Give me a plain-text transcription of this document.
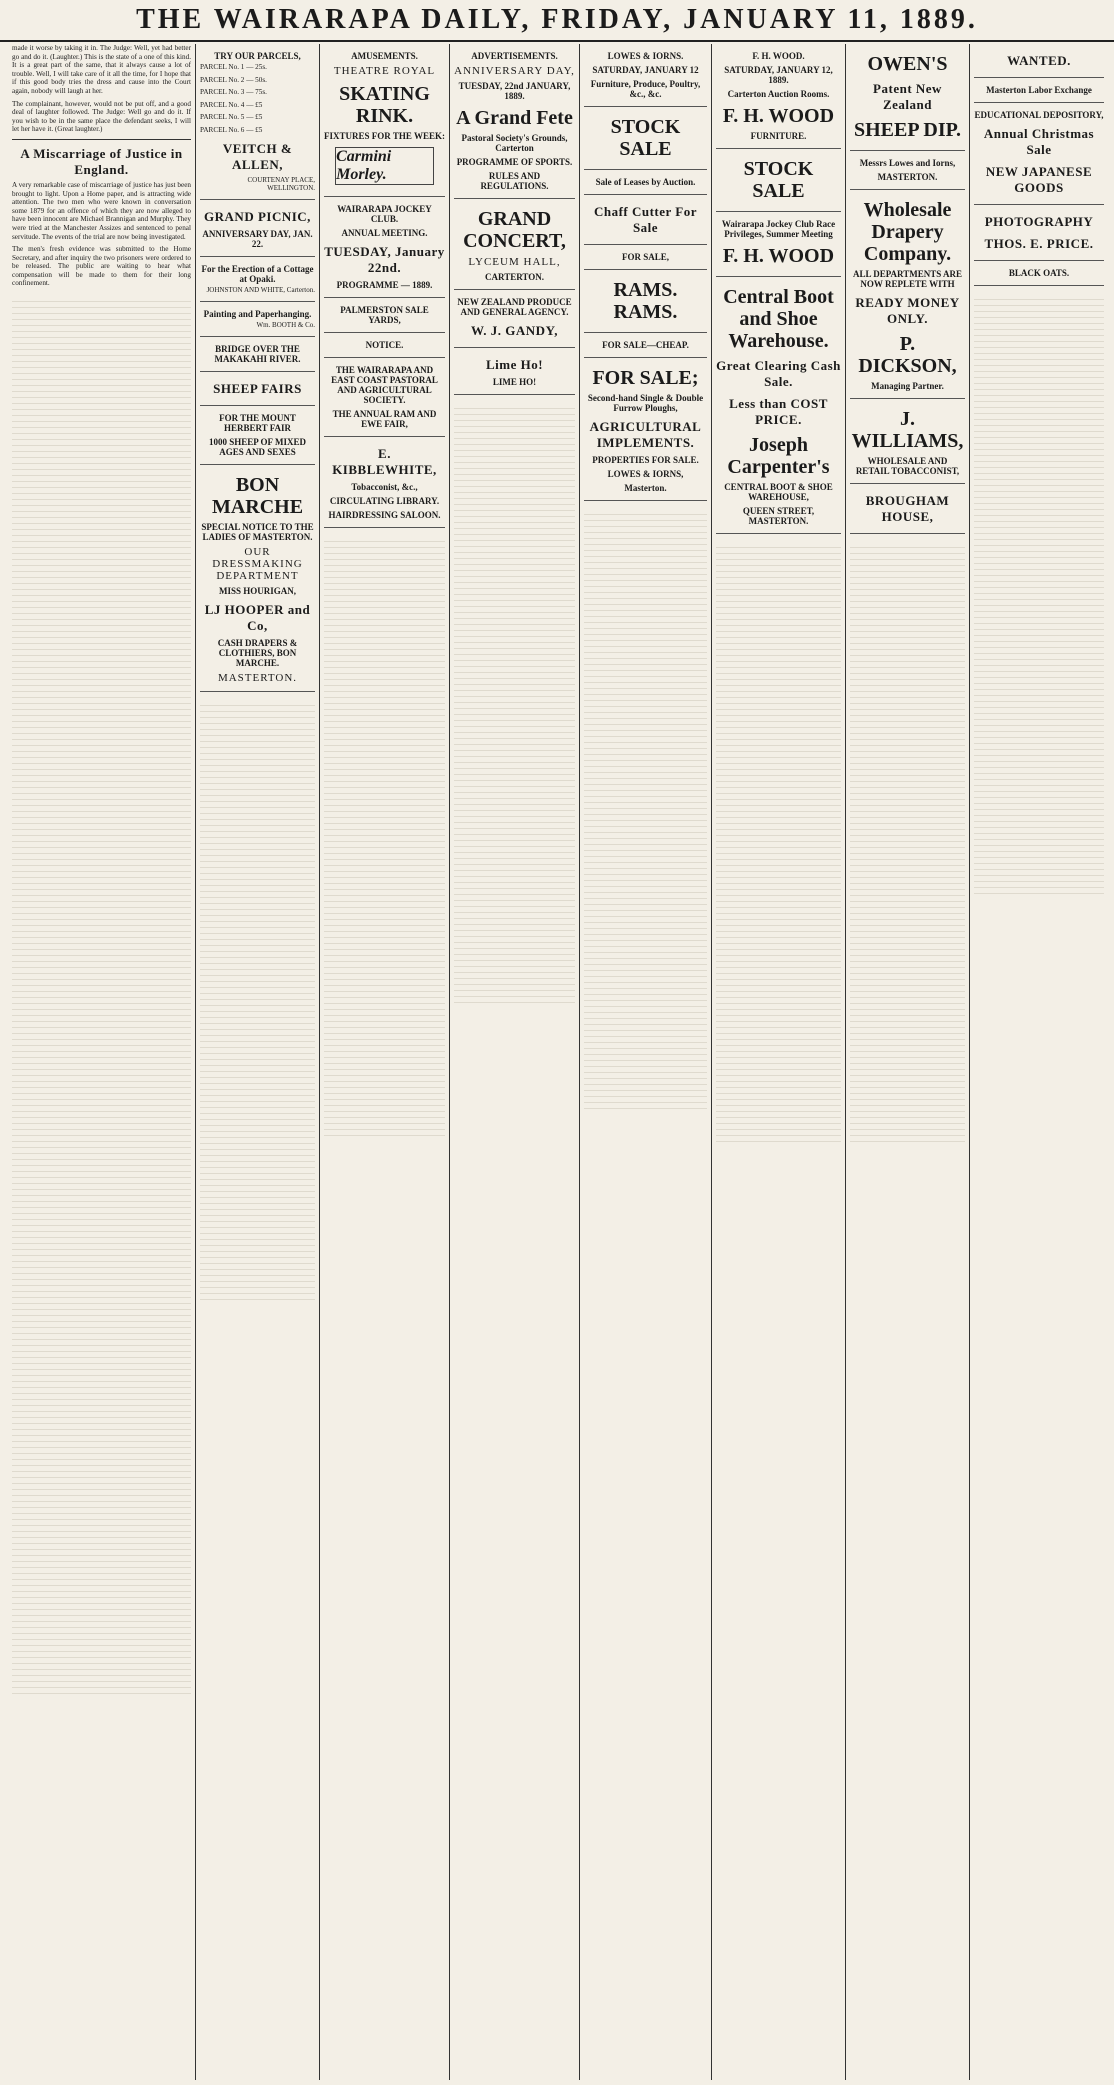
THE WAIRARAPA DAILY, FRIDAY, JANUARY 11, 1889.

made it worse by taking it in. The Judge: Well, yet had better go and do it. (Laughter.) This is the state of a one of this kind. It is a great part of the same, that it always cause a lot of trouble. Well, I will take care of it all the time, for I hope that if this good body tries the dress and cause into the Court again, nobody will laugh at her.

The complainant, however, would not be put off, and a good deal of laughter followed. The Judge: Well go and do it. If you wish to be in the same place the defendant seeks, I will let her have it. (Great laughter.)

A Miscarriage of Justice in England.

A very remarkable case of miscarriage of justice has just been brought to light. Upon a Home paper, and is attracting wide attention. The two men who were known in conversation some 1879 for an offence of which they are now alleged to have been innocent are Michael Brannigan and Murphy. They were tried at the Manchester Assizes and sentenced to penal servitude. The events of the trial are now being investigated.

The men's fresh evidence was submitted to the Home Secretary, and after inquiry the two prisoners were ordered to be released. The public are waiting to hear what compensation will be made to them for their long confinement.

TRY OUR PARCELS,

PARCEL No. 1 — 25s.

PARCEL No. 2 — 50s.

PARCEL No. 3 — 75s.

PARCEL No. 4 — £5

PARCEL No. 5 — £5

PARCEL No. 6 — £5

VEITCH & ALLEN,
COURTENAY PLACE, WELLINGTON.
GRAND PICNIC,
ANNIVERSARY DAY, JAN. 22.
For the Erection of a Cottage at Opaki.
JOHNSTON AND WHITE, Carterton.
Painting and Paperhanging.
Wm. BOOTH & Co.
BRIDGE OVER THE MAKAKAHI RIVER.
SHEEP FAIRS
FOR THE MOUNT HERBERT FAIR
1000 SHEEP OF MIXED AGES AND SEXES
BON MARCHE
SPECIAL NOTICE TO THE LADIES OF MASTERTON.
OUR DRESSMAKING DEPARTMENT
MISS HOURIGAN,
LJ HOOPER and Co,
CASH DRAPERS & CLOTHIERS, BON MARCHE.
MASTERTON.
AMUSEMENTS.
THEATRE ROYAL
SKATING RINK.
FIXTURES FOR THE WEEK:
Carmini Morley.
WAIRARAPA JOCKEY CLUB.
ANNUAL MEETING.
TUESDAY, January 22nd.
PROGRAMME — 1889.
PALMERSTON SALE YARDS,
NOTICE.
THE WAIRARAPA AND EAST COAST PASTORAL AND AGRICULTURAL SOCIETY.
THE ANNUAL RAM AND EWE FAIR,
E. KIBBLEWHITE,
Tobacconist, &c.,
CIRCULATING LIBRARY.
HAIRDRESSING SALOON.
ADVERTISEMENTS.
ANNIVERSARY DAY,
TUESDAY, 22nd JANUARY, 1889.
A Grand Fete
Pastoral Society's Grounds, Carterton
PROGRAMME OF SPORTS.
RULES AND REGULATIONS.
GRAND CONCERT,
LYCEUM HALL,
CARTERTON.
NEW ZEALAND PRODUCE AND GENERAL AGENCY.
W. J. GANDY,
Lime Ho!
LIME HO!
LOWES & IORNS.
SATURDAY, JANUARY 12
Furniture, Produce, Poultry, &c., &c.
STOCK SALE
Sale of Leases by Auction.
Chaff Cutter For Sale
FOR SALE,
RAMS. RAMS.
FOR SALE—CHEAP.
FOR SALE;
Second-hand Single & Double Furrow Ploughs,
AGRICULTURAL IMPLEMENTS.
PROPERTIES FOR SALE.
LOWES & IORNS,
Masterton.
F. H. WOOD.
SATURDAY, JANUARY 12, 1889.
Carterton Auction Rooms.
F. H. WOOD
FURNITURE.
STOCK SALE
Wairarapa Jockey Club Race Privileges, Summer Meeting
F. H. WOOD
Central Boot and Shoe Warehouse.
Great Clearing Cash Sale.
Less than COST PRICE.
Joseph Carpenter's
CENTRAL BOOT & SHOE WAREHOUSE,
QUEEN STREET, MASTERTON.
OWEN'S
Patent New Zealand
SHEEP DIP.
Messrs Lowes and Iorns,
MASTERTON.
Wholesale Drapery Company.
ALL DEPARTMENTS ARE NOW REPLETE WITH
READY MONEY ONLY.
P. DICKSON,
Managing Partner.
J. WILLIAMS,
WHOLESALE AND RETAIL TOBACCONIST,
BROUGHAM HOUSE,
WANTED.
Masterton Labor Exchange
EDUCATIONAL DEPOSITORY,
Annual Christmas Sale
NEW JAPANESE GOODS
PHOTOGRAPHY
THOS. E. PRICE.
BLACK OATS.
